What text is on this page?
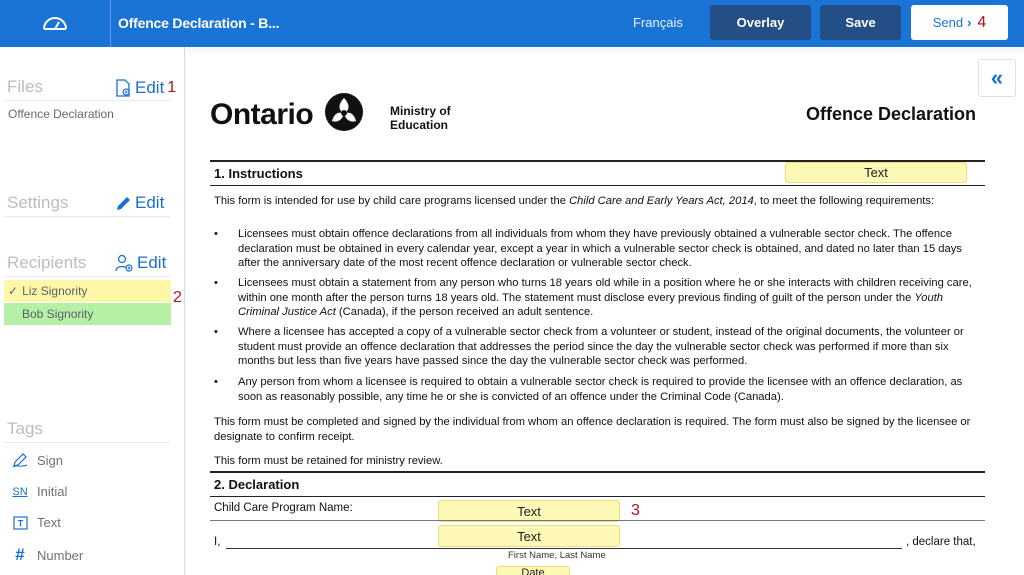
Offence Declaration - B...	Français	Overlay	Save	Send › 4
Files	Edit 1
Offence Declaration
Settings	Edit
Recipients	Edit
✓ Liz Signority
Bob Signority
2
Tags
Sign
SN Initial
T Text
# Number
«
Ontario	Ministry of
Education
Offence Declaration
1. Instructions	Text
This form is intended for use by child care programs licensed under the Child Care and Early Years Act, 2014, to meet the following requirements:
• Licensees must obtain offence declarations from all individuals from whom they have previously obtained a vulnerable sector check. The offence declaration must be obtained in every calendar year, except a year in which a vulnerable sector check is obtained, and dated no later than 15 days after the anniversary date of the most recent offence declaration or vulnerable sector check.
• Licensees must obtain a statement from any person who turns 18 years old while in a position where he or she interacts with children receiving care, within one month after the person turns 18 years old. The statement must disclose every previous finding of guilt of the person under the Youth Criminal Justice Act (Canada), if the person received an adult sentence.
• Where a licensee has accepted a copy of a vulnerable sector check from a volunteer or student, instead of the original documents, the volunteer or student must provide an offence declaration that addresses the period since the day the vulnerable sector check was performed if more than six months but less than five years have passed since the day the vulnerable sector check was performed.
• Any person from whom a licensee is required to obtain a vulnerable sector check is required to provide the licensee with an offence declaration, as soon as reasonably possible, any time he or she is convicted of an offence under the Criminal Code (Canada).
This form must be completed and signed by the individual from whom an offence declaration is required. The form must also be signed by the licensee or designate to confirm receipt.
This form must be retained for ministry review.
2. Declaration
Child Care Program Name:	Text	3
I,	Text	, declare that,
First Name, Last Name
Date
